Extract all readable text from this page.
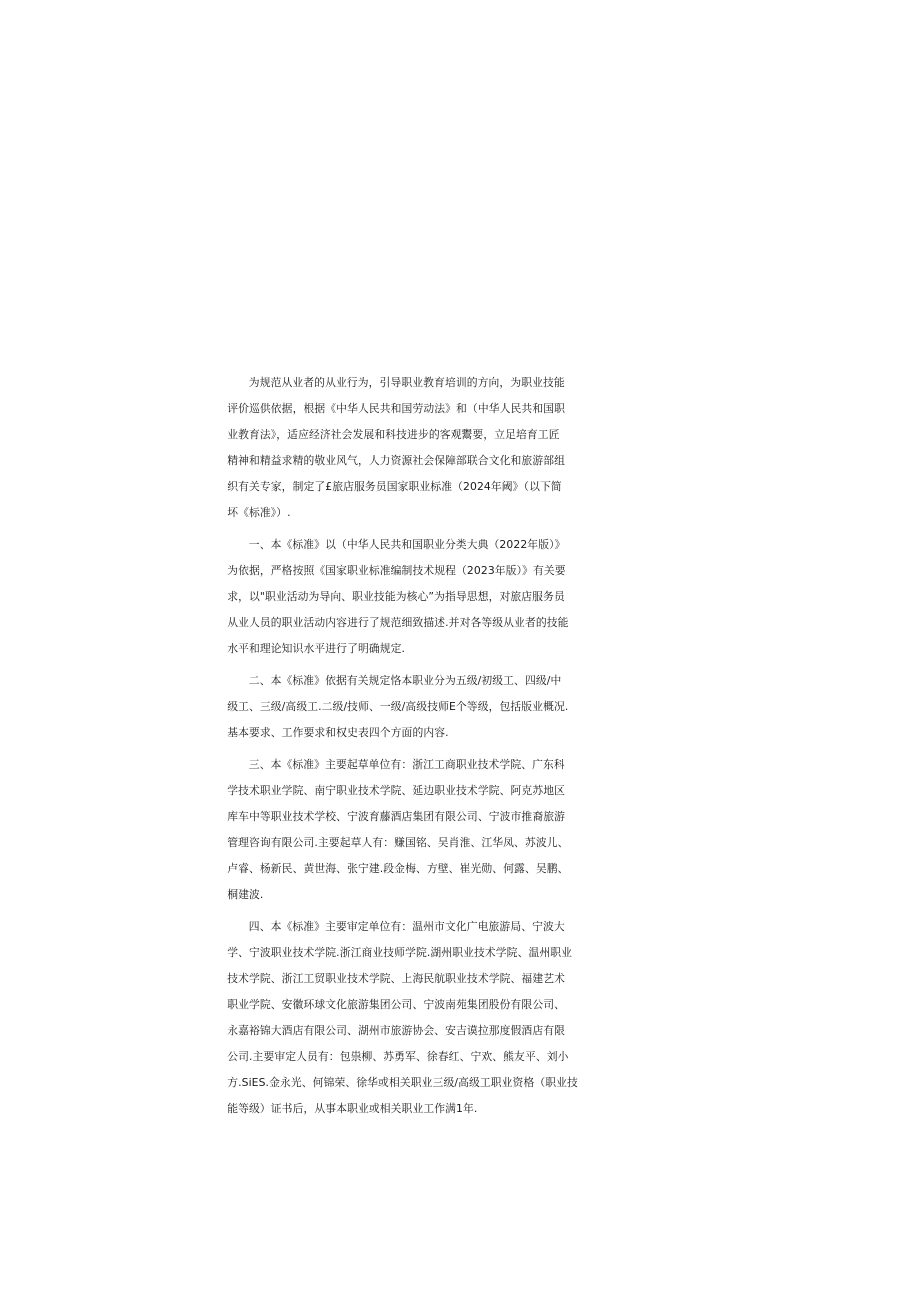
为规范从业者的从业行为，引导职业教育培训的方向，为职业技能
评价巡供依据，根据《中华人民共和国劳动法》和（中华人民共和国职
业教育法》，适应经济社会发展和科技进步的客观鬻要，立足培育工匠
精神和精益求精的敬业风气，人力资源社会保障部联合文化和旅游部组
织有关专家，制定了£旅店服务员国家职业标准（2024年阈》（以下简
坏《标准》）.

一、本《标准》以（中华人民共和国职业分类大典（2022年版）》
为依据，严格按照《国家职业标准编制技术规程（2023年版）》有关要
求，以"职业活动为导向、职业技能为核心”为指导思想，对旅店服务员
从业人员的职业活动内容进行了规范细致描述.并对各等级从业者的技能
水平和理论知识水平进行了明确规定.

二、本《标准》依据有关规定恪本职业分为五级/初级工、四级/中
级工、三级/高级工.二级/技师、一级/高级技师E个等级，包括版业概况.
基本要求、工作要求和权史表四个方面的内容.

三、本《标准》主要起草单位有：浙江工商职业技术学院、广东科
学技术职业学院、南宁职业技术学院、延边职业技术学院、阿克苏地区
库车中等职业技术学校、宁波育藤酒店集团有限公司、宁波市推裔旅游
管理咨询有限公司.主要起草人有：赚国铭、吴肖淮、江华凤、苏波儿、
卢睿、杨新民、黄世海、张宁建.段金梅、方壁、崔光勋、何露、吴鹏、
桐建波.

四、本《标准》主要审定单位有：温州市文化广电旅游局、宁波大
学、宁波职业技术学院.浙江商业技师学院.湖州职业技术学院、温州职业
技术学院、浙江工贸职业技术学院、上海民航职业技术学院、福建艺术
职业学院、安徽环球文化旅游集团公司、宁波南苑集团股份有限公司、
永嘉裕锦大酒店有限公司、湖州市旅游协会、安吉谟拉那度假酒店有限
公司.主要审定人员有：包祟柳、苏勇军、徐春红、宁欢、熊友平、刘小
方.SiES.金永光、何锦荣、徐华或相关职业三级/高级工职业资格（职业技
能等级）证书后，从事本职业或相关职业工作满1年.
